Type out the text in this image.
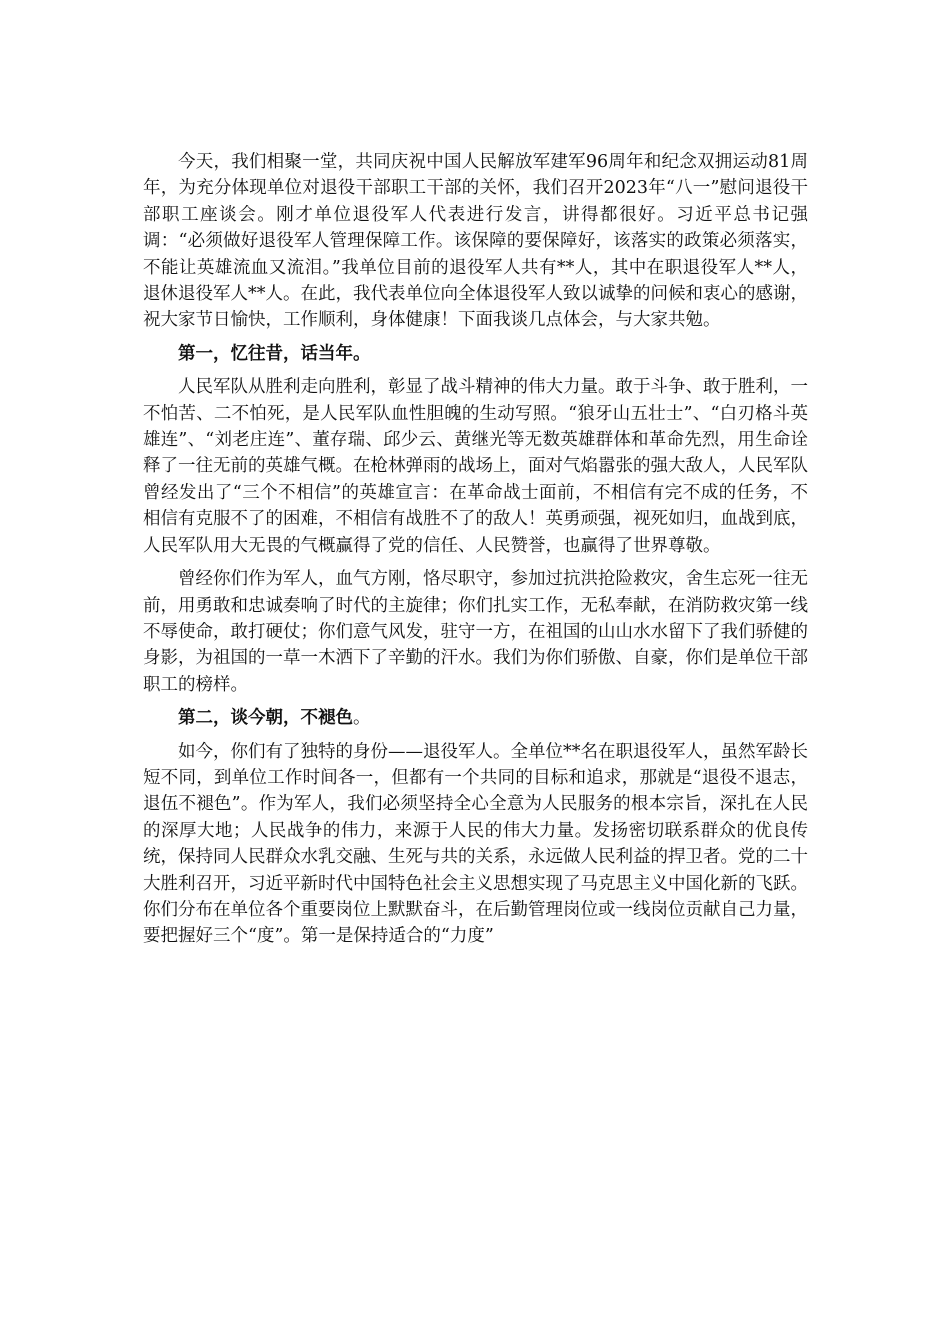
今天，我们相聚一堂，共同庆祝中国人民解放军建军96周年和纪念双拥运动81周年，为充分体现单位对退役干部职工干部的关怀，我们召开2023年“八一”慰问退役干部职工座谈会。刚才单位退役军人代表进行发言，讲得都很好。习近平总书记强调：“必须做好退役军人管理保障工作。该保障的要保障好，该落实的政策必须落实，不能让英雄流血又流泪。”我单位目前的退役军人共有**人，其中在职退役军人**人，退休退役军人**人。在此，我代表单位向全体退役军人致以诚挚的问候和衷心的感谢，祝大家节日愉快，工作顺利，身体健康！下面我谈几点体会，与大家共勉。

第一，忆往昔，话当年。

人民军队从胜利走向胜利，彰显了战斗精神的伟大力量。敢于斗争、敢于胜利，一不怕苦、二不怕死，是人民军队血性胆魄的生动写照。“狼牙山五壮士”、“白刃格斗英雄连”、“刘老庄连”、董存瑞、邱少云、黄继光等无数英雄群体和革命先烈，用生命诠释了一往无前的英雄气概。在枪林弹雨的战场上，面对气焰嚣张的强大敌人，人民军队曾经发出了“三个不相信”的英雄宣言：在革命战士面前，不相信有完不成的任务，不相信有克服不了的困难，不相信有战胜不了的敌人！英勇顽强，视死如归，血战到底，人民军队用大无畏的气概赢得了党的信任、人民赞誉，也赢得了世界尊敬。

曾经你们作为军人，血气方刚，恪尽职守，参加过抗洪抢险救灾，舍生忘死一往无前，用勇敢和忠诚奏响了时代的主旋律；你们扎实工作，无私奉献，在消防救灾第一线不辱使命，敢打硬仗；你们意气风发，驻守一方，在祖国的山山水水留下了我们骄健的身影，为祖国的一草一木洒下了辛勤的汗水。我们为你们骄傲、自豪，你们是单位干部职工的榜样。

第二，谈今朝，不褪色。

如今，你们有了独特的身份——退役军人。全单位**名在职退役军人，虽然军龄长短不同，到单位工作时间各一，但都有一个共同的目标和追求，那就是“退役不退志，退伍不褪色”。作为军人，我们必须坚持全心全意为人民服务的根本宗旨，深扎在人民的深厚大地；人民战争的伟力，来源于人民的伟大力量。发扬密切联系群众的优良传统，保持同人民群众水乳交融、生死与共的关系，永远做人民利益的捍卫者。党的二十大胜利召开，习近平新时代中国特色社会主义思想实现了马克思主义中国化新的飞跃。你们分布在单位各个重要岗位上默默奋斗，在后勤管理岗位或一线岗位贡献自己力量，要把握好三个“度”。第一是保持适合的“力度”
